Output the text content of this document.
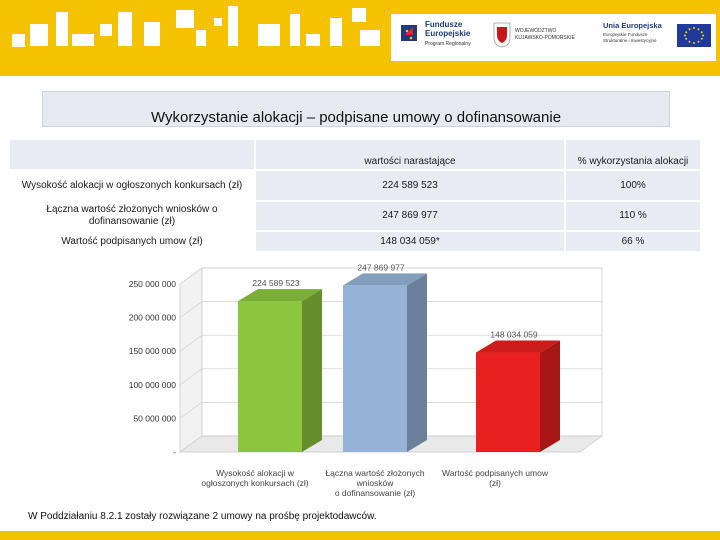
Fundusze
Europejskie
Program Regionalny
WOJEWÓDZTWO
KUJAWSKO-POMORSKIE
Unia Europejska
Europejskie Fundusze
Strukturalne i Inwestycyjne
Wykorzystanie alokacji – podpisane umowy o dofinansowanie
	wartości narastające	% wykorzystania alokacji
Wysokość alokacji w ogłoszonych konkursach (zł)	224 589 523	100%
Łączna wartość złożonych wniosków o dofinansowanie (zł)	247 869 977	110 %
Wartość podpisanych umow (zł)	148 034 059*	66 %
-
50 000 000
100 000 000
150 000 000
200 000 000
250 000 000	224 589 523
247 869 977
148 034 059
Wysokość alokacji w ogłoszonych konkursach (zł)
Łączna wartość złożonych wniosków o dofinansowanie (zł)
Wartość podpisanych umow (zł)
W Poddziałaniu 8.2.1 zostały rozwiązane 2 umowy na prośbę projektodawców.
